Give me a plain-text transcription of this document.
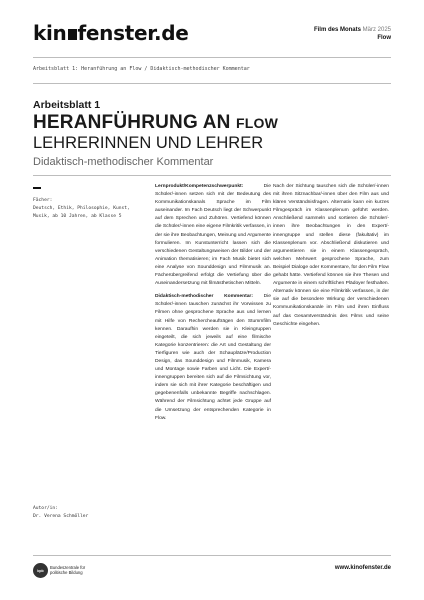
kin fenster.de	Film des Monats März 2025
Flow
Arbeitsblatt 1: Heranführung an Flow / Didaktisch-methodischer Kommentar
Arbeitsblatt 1
HERANFÜHRUNG AN FLOW
LEHRERINNEN UND LEHRER
Didaktisch-methodischer Kommentar
Fächer:
Deutsch, Ethik, Philosophie, Kunst, Musik, ab 10 Jahren, ab Klasse 5
Autor/in:
Dr. Verena Schmöller

Lernprodukt/Kompetenzschwerpunkt:	Die Schüler/-innen setzen sich mit der Bedeutung des Kommunikationskanals Sprache im Film auseinander. Im Fach Deutsch liegt der Schwerpunkt auf dem Sprechen und Zuhören. Vertiefend können die Schüler/-innen eine eigene Filmkritik verfassen, in der sie ihre Beobachtungen, Meinung und Argumente formulieren. Im Kunstunterricht lassen sich die verschiedenen Gestaltungsweisen der Bilder und der Animation thematisieren; im Fach Musik bietet sich eine Analyse von Sounddesign und Filmmusik an. Fächerübergreifend erfolgt die Vertiefung über die Auseinandersetzung mit filmästhetischen Mitteln.

Didaktisch-methodischer Kommentar: Die Schüler/-innen tauschen zunächst ihr Vorwissen zu Filmen ohne gesprochene Sprache aus und lernen mit Hilfe von Rechercheaufträgen den Stummfilm kennen. Daraufhin werden sie in Kleingruppen eingeteilt, die sich jeweils auf eine filmische Kategorie konzentrieren: die Art und Gestaltung der Tierfiguren wie auch der Schauplätze/Production Design, das Sounddesign und Filmmusik, Kamera und Montage sowie Farben und Licht. Die Expert/-innengruppen bereiten sich auf die Filmsichtung vor, indem sie sich mit ihrer Kategorie beschäftigen und gegebenenfalls unbekannte Begriffe nachschlagen. Während der Filmsichtung achtet jede Gruppe auf die Umsetzung der entsprechenden Kategorie in Flow.

Nach der Sichtung tauschen sich die Schüler/-innen mit ihren Sitznachbar/-innen über den Film aus und klären Verständnisfragen. Alternativ kann ein kurzes Filmgespräch im Klassenplenum geführt werden. Anschließend sammeln und sortieren die Schüler/-innen ihre Beobachtungen in den Expert/-innengruppe und stellen diese (fakultativ) im Klassenplenum vor. Abschließend diskutieren und argumentieren sie in einem Klassengespräch, welchen Mehrwert gesprochene Sprache, zum Beispiel Dialoge oder Kommentare, für den Film Flow gehabt hätte. Vertiefend können sie ihre Thesen und Argumente in einem schriftlichen Plädoyer festhalten. Alternativ können sie eine Filmkritik verfassen, in der sie auf die besondere Wirkung der verschiedenen Kommunikationskanäle im Film und ihren Einfluss auf das Gesamtverständnis des Films und seine Geschichte eingehen.

bpb
Bundeszentrale für
politische Bildung
www.kinofenster.de
